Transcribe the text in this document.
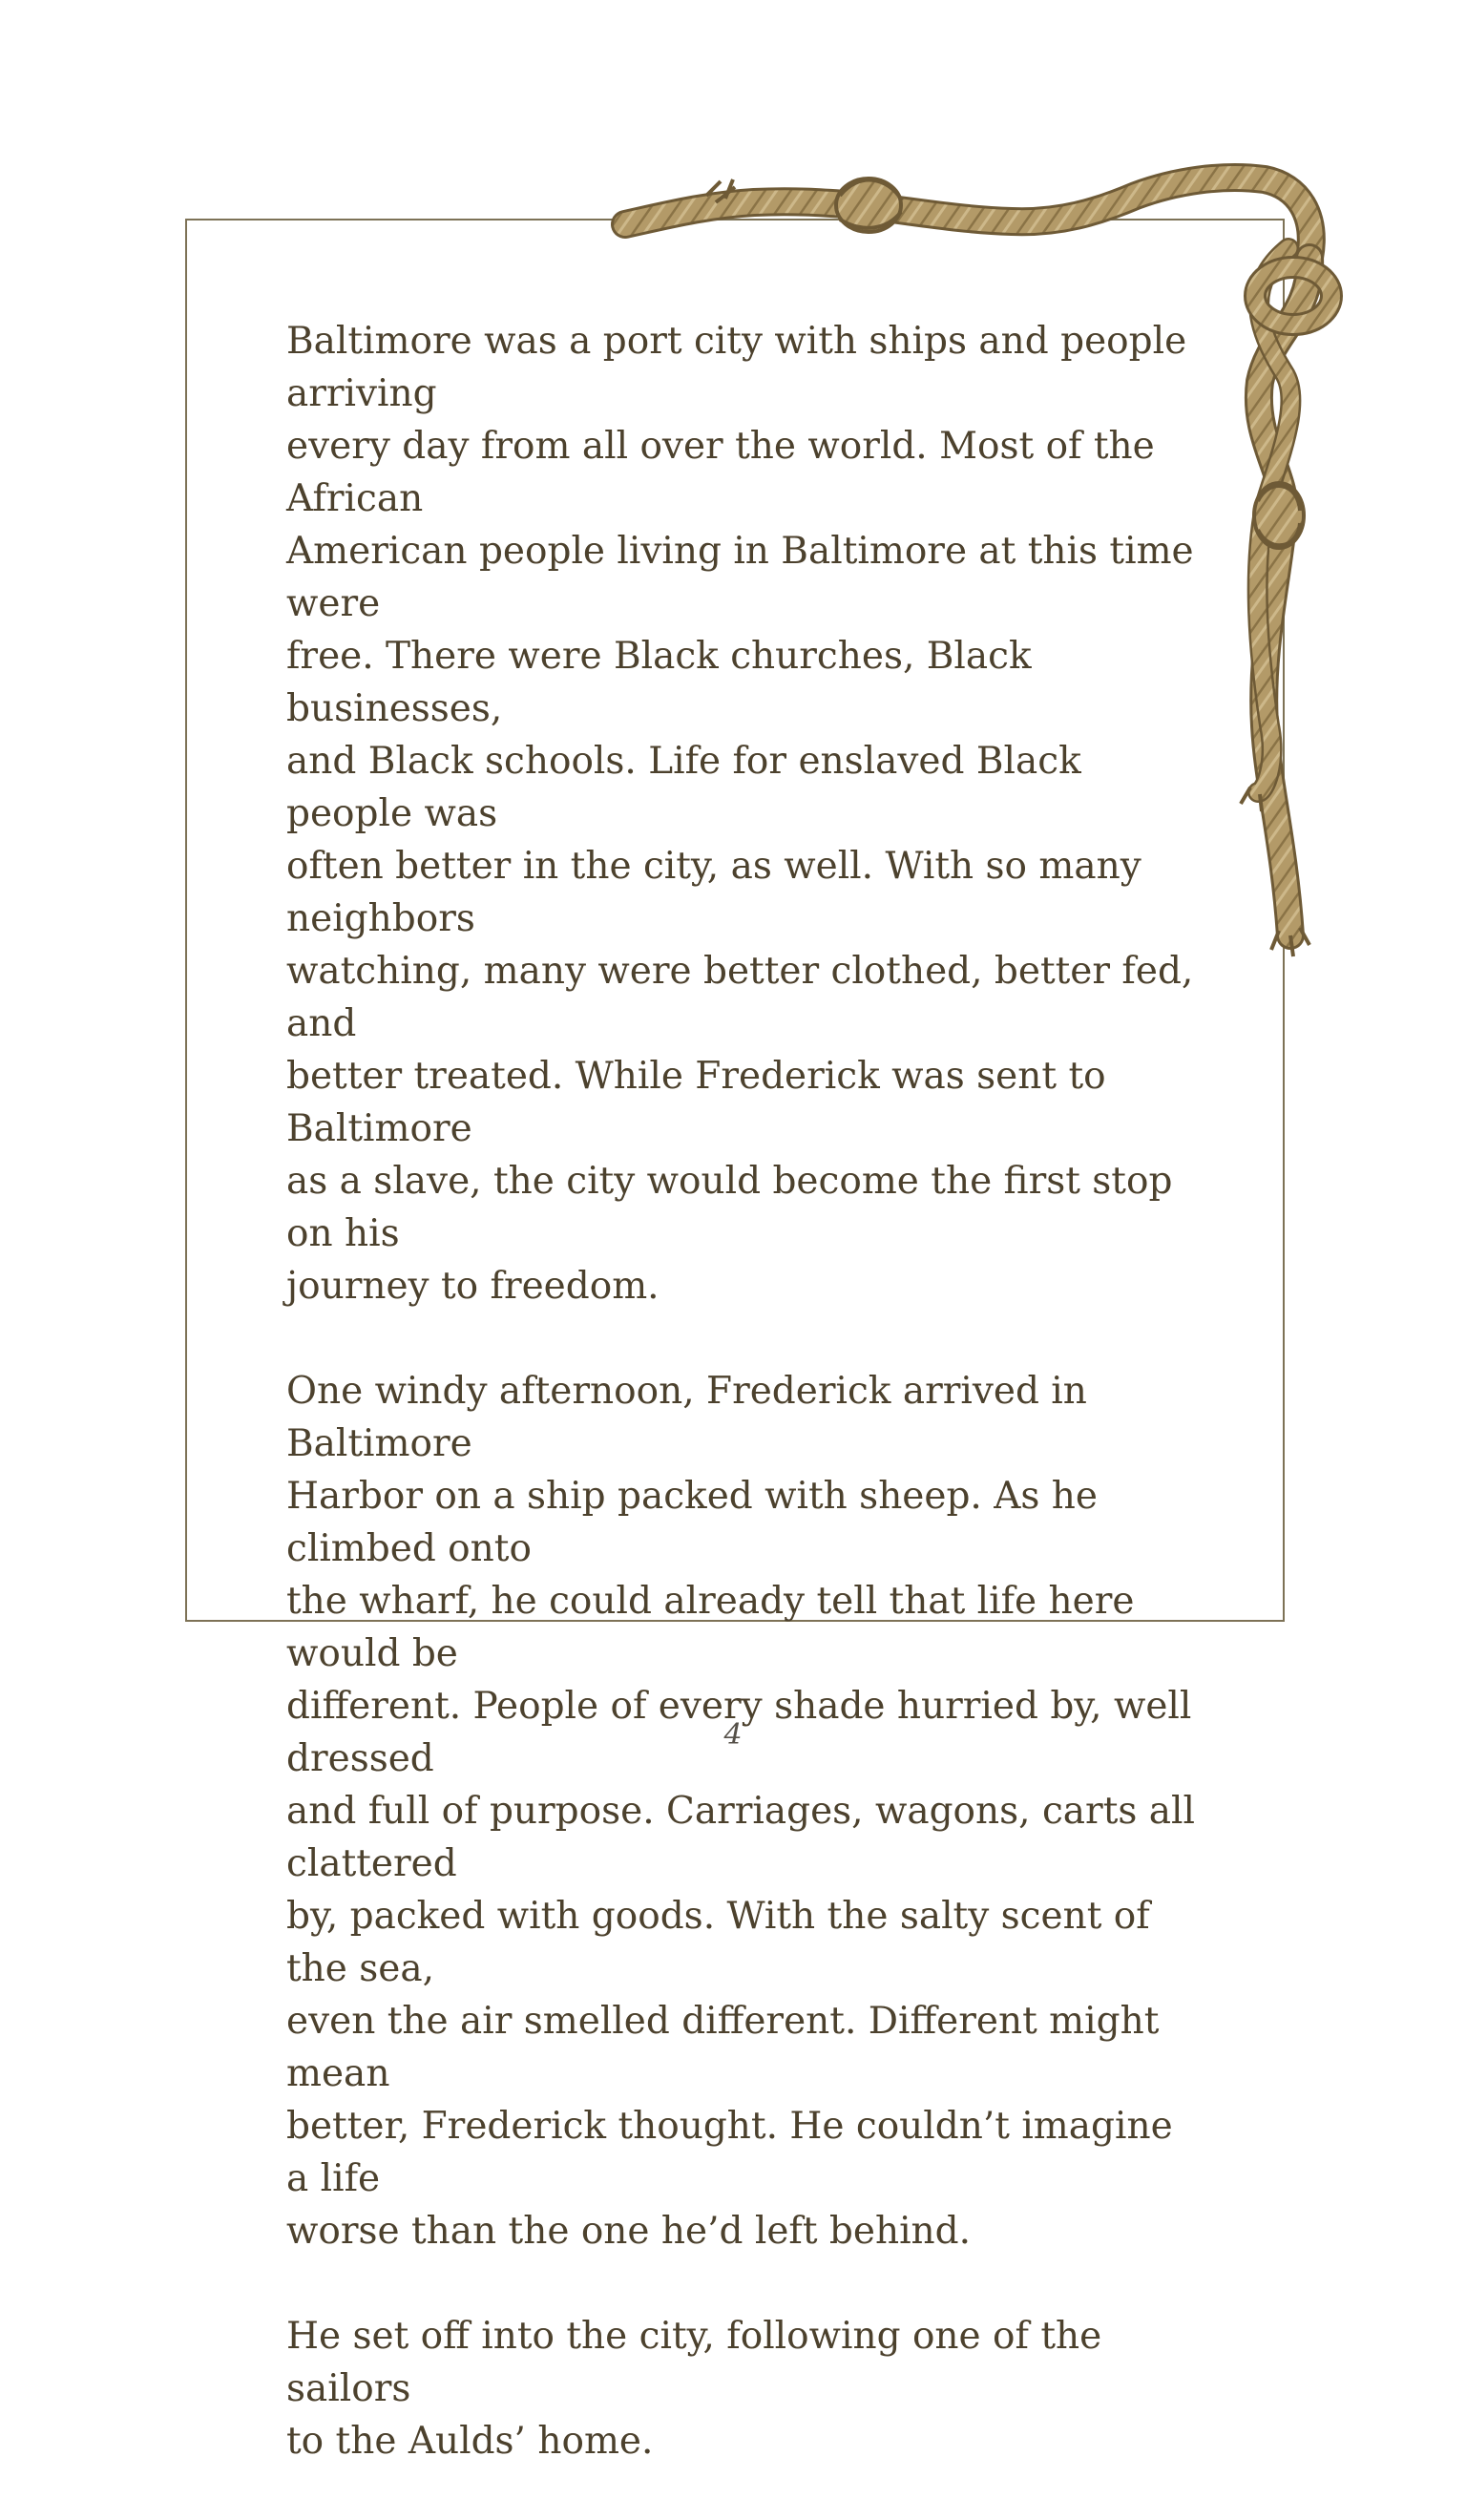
Baltimore was a port city with ships and people arriving
every day from all over the world. Most of the African
American people living in Baltimore at this time were
free. There were Black churches, Black businesses,
and Black schools. Life for enslaved Black people was
often better in the city, as well. With so many neighbors
watching, many were better clothed, better fed, and
better treated. While Frederick was sent to Baltimore
as a slave, the city would become the first stop on his
journey to freedom.

One windy afternoon, Frederick arrived in Baltimore
Harbor on a ship packed with sheep. As he climbed onto
the wharf, he could already tell that life here would be
different. People of every shade hurried by, well dressed
and full of purpose. Carriages, wagons, carts all clattered
by, packed with goods. With the salty scent of the sea,
even the air smelled different. Different might mean
better, Frederick thought. He couldn’t imagine a life
worse than the one he’d left behind.

He set off into the city, following one of the sailors
to the Aulds’ home.

4
